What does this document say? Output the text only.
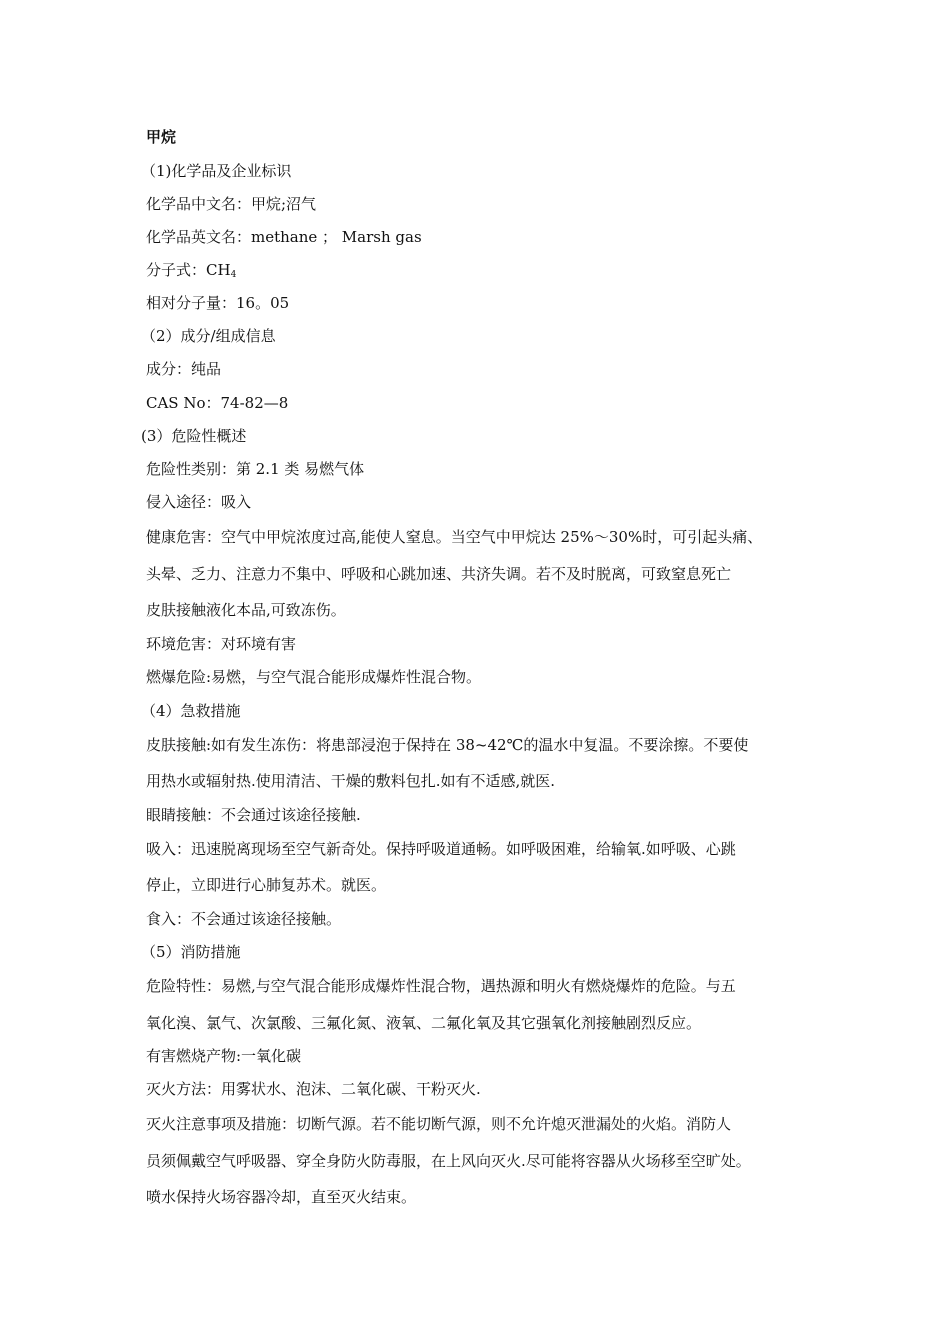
甲烷
（1)化学品及企业标识
化学品中文名：甲烷;沼气
化学品英文名：methane ； Marsh gas
分子式：$CH_4$
相对分子量：16。05
（2）成分/组成信息
成分：纯品
CAS No：74-82—8
(3）危险性概述
危险性类别：第 2.1 类 易燃气体
侵入途径：吸入
健康危害：空气中甲烷浓度过高,能使人窒息。当空气中甲烷达 25%～30%时，可引起头痛、
头晕、乏力、注意力不集中、呼吸和心跳加速、共济失调。若不及时脱离，可致窒息死亡
皮肤接触液化本品,可致冻伤。
环境危害：对环境有害
燃爆危险:易燃，与空气混合能形成爆炸性混合物。
（4）急救措施
皮肤接触:如有发生冻伤：将患部浸泡于保持在 38~42℃的温水中复温。不要涂擦。不要使
用热水或辐射热.使用清洁、干燥的敷料包扎.如有不适感,就医.
眼睛接触：不会通过该途径接触.
吸入：迅速脱离现场至空气新奇处。保持呼吸道通畅。如呼吸困难，给输氧.如呼吸、心跳
停止，立即进行心肺复苏术。就医。
食入：不会通过该途径接触。
（5）消防措施
危险特性：易燃,与空气混合能形成爆炸性混合物，遇热源和明火有燃烧爆炸的危险。与五
氧化溴、氯气、次氯酸、三氟化氮、液氧、二氟化氧及其它强氧化剂接触剧烈反应。
有害燃烧产物:一氧化碳
灭火方法：用雾状水、泡沫、二氧化碳、干粉灭火.
灭火注意事项及措施：切断气源。若不能切断气源，则不允许熄灭泄漏处的火焰。消防人
员须佩戴空气呼吸器、穿全身防火防毒服，在上风向灭火.尽可能将容器从火场移至空旷处。
喷水保持火场容器冷却，直至灭火结束。
